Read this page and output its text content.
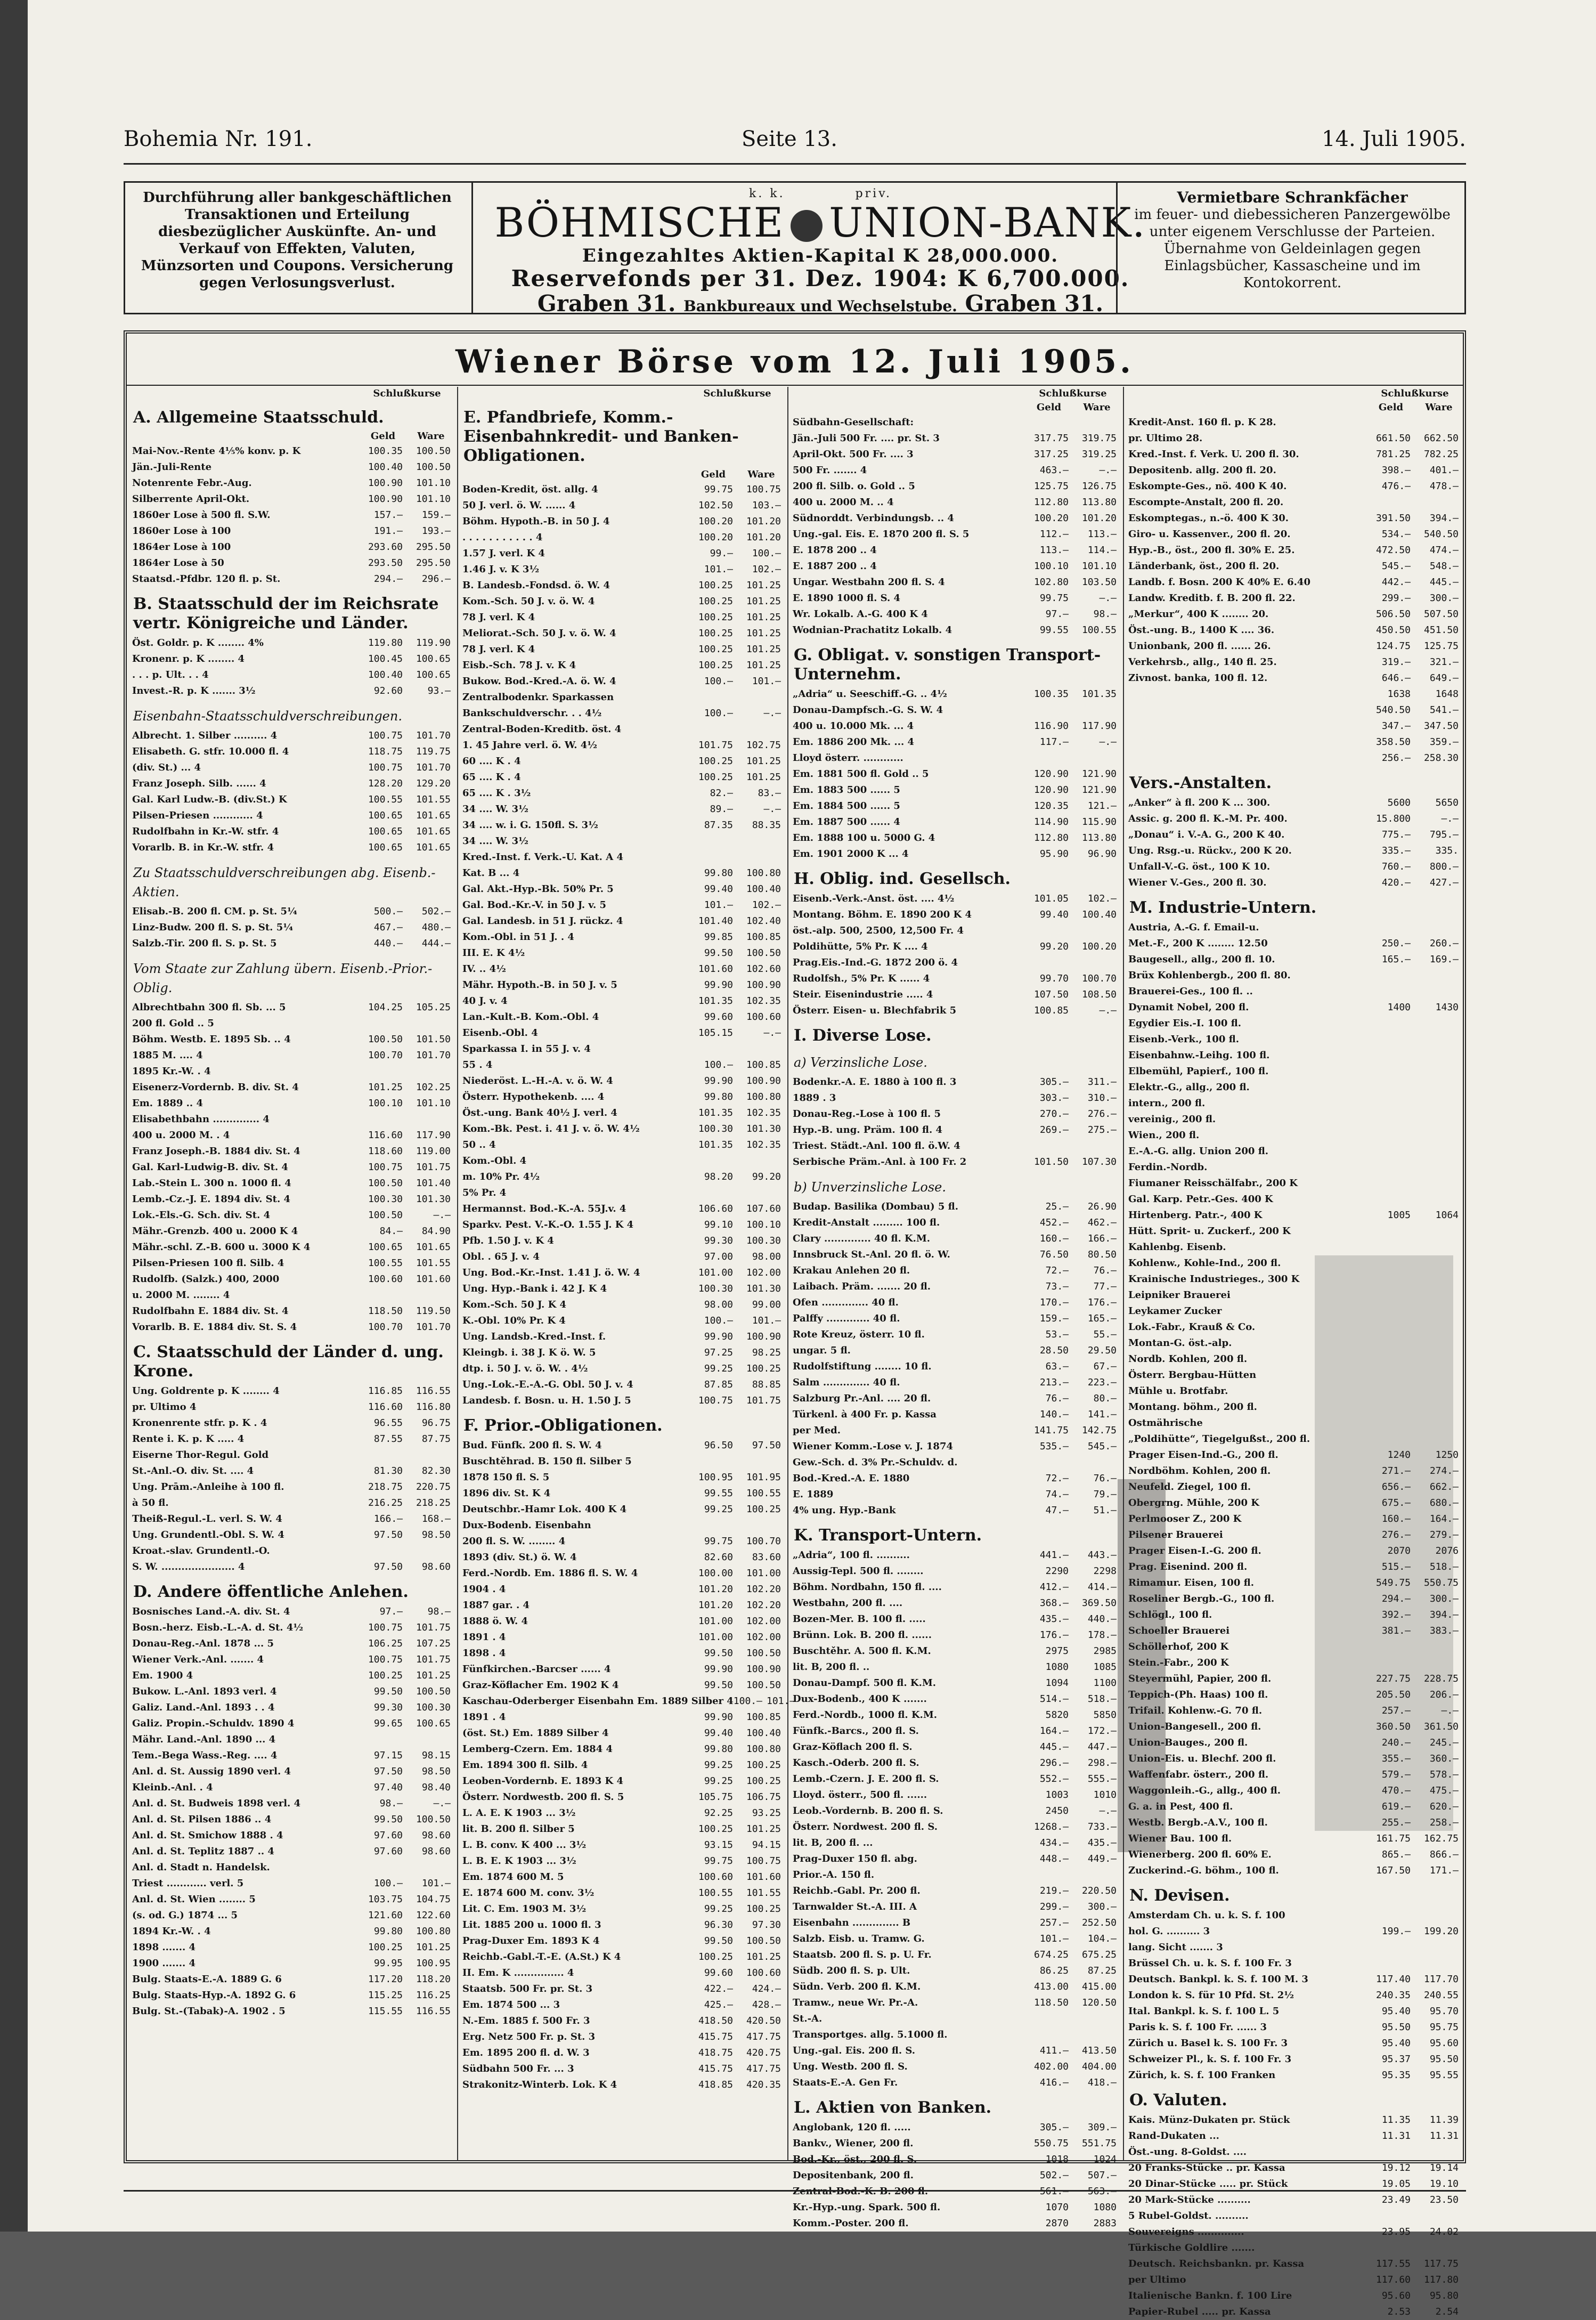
Bohemia Nr. 191.	Seite 13.	14. Juli 1905.
Durchführung aller bankgeschäftlichen Transaktionen und Erteilung diesbezüglicher Auskünfte. An- und Verkauf von Effekten, Valuten, Münzsorten und Coupons. Versicherung gegen Verlosungsverlust.
k. k.	priv.
BÖHMISCHE UNION-BANK.
Eingezahltes Aktien-Kapital K 28,000.000.
Reservefonds per 31. Dez. 1904: K 6,700.000.
Graben 31. Bankbureaux und Wechselstube. Graben 31.
Vermietbare Schrankfächer
im feuer- und diebessicheren Panzergewölbe unter eigenem Verschlusse der Parteien. Übernahme von Geldeinlagen gegen Einlagsbücher, Kassascheine und im Kontokorrent.
Wiener Börse vom 12. Juli 1905.
Schlußkurse
A. Allgemeine Staatsschuld.
Geld	Ware
Mai-Nov.-Rente 4⅕% konv. p. K	100.35	100.50
Jän.-Juli-Rente	100.40	100.50
Notenrente Febr.-Aug.	100.90	101.10
Silberrente April-Okt.	100.90	101.10
1860er Lose à 500 fl. S.W.	157.—	159.—
1860er Lose à 100	191.—	193.—
1864er Lose à 100	293.60	295.50
1864er Lose à 50	293.50	295.50
Staatsd.-Pfdbr. 120 fl. p. St.	294.—	296.—
B. Staatsschuld der im Reichsrate vertr. Königreiche und Länder.
Öst. Goldr. p. K ........ 4%	119.80	119.90
Kronenr. p. K ........ 4	100.45	100.65
. . . p. Ult. . . 4	100.40	100.65
Invest.-R. p. K ....... 3½	92.60	93.—
Eisenbahn-Staatsschuldverschreibungen.
Albrecht. 1. Silber .......... 4	100.75	101.70
Elisabeth. G. stfr. 10.000 fl. 4	118.75	119.75
(div. St.) ... 4	100.75	101.70
Franz Joseph. Silb. ...... 4	128.20	129.20
Gal. Karl Ludw.-B. (div.St.) K	100.55	101.55
Pilsen-Priesen ............ 4	100.65	101.65
Rudolfbahn in Kr.-W. stfr. 4	100.65	101.65
Vorarlb. B. in Kr.-W. stfr. 4	100.65	101.65
Zu Staatsschuldverschreibungen abg. Eisenb.-Aktien.
Elisab.-B. 200 fl. CM. p. St. 5¼	500.—	502.—
Linz-Budw. 200 fl. S. p. St. 5¼	467.—	480.—
Salzb.-Tir. 200 fl. S. p. St. 5	440.—	444.—
Vom Staate zur Zahlung übern. Eisenb.-Prior.-Oblig.
Albrechtbahn 300 fl. Sb. ... 5	104.25	105.25
200 fl. Gold .. 5
Böhm. Westb. E. 1895 Sb. .. 4	100.50	101.50
1885 M. .... 4	100.70	101.70
1895 Kr.-W. . 4
Eisenerz-Vordernb. B. div. St. 4	101.25	102.25
Em. 1889 .. 4	100.10	101.10
Elisabethbahn .............. 4
400 u. 2000 M. . 4	116.60	117.90
Franz Joseph.-B. 1884 div. St. 4	118.60	119.00
Gal. Karl-Ludwig-B. div. St. 4	100.75	101.75
Lab.-Stein L. 300 n. 1000 fl. 4	100.50	101.40
Lemb.-Cz.-J. E. 1894 div. St. 4	100.30	101.30
Lok.-Els.-G. Sch. div. St. 4	100.50	—.—
Mähr.-Grenzb. 400 u. 2000 K 4	84.—	84.90
Mähr.-schl. Z.-B. 600 u. 3000 K 4	100.65	101.65
Pilsen-Priesen 100 fl. Silb. 4	100.55	101.55
Rudolfb. (Salzk.) 400, 2000	100.60	101.60
u. 2000 M. ........ 4
Rudolfbahn E. 1884 div. St. 4	118.50	119.50
Vorarlb. B. E. 1884 div. St. S. 4	100.70	101.70
C. Staatsschuld der Länder d. ung. Krone.
Ung. Goldrente p. K ........ 4	116.85	116.55
pr. Ultimo 4	116.60	116.80
Kronenrente stfr. p. K . 4	96.55	96.75
Rente i. K. p. K ..... 4	87.55	87.75
Eiserne Thor-Regul. Gold
St.-Anl.-O. div. St. .... 4	81.30	82.30
Ung. Prām.-Anleihe à 100 fl.	218.75	220.75
à 50 fl.	216.25	218.25
Theiß-Regul.-L. verl. S. W. 4	166.—	168.—
Ung. Grundentl.-Obl. S. W. 4	97.50	98.50
Kroat.-slav. Grundentl.-O.
S. W. ...................... 4	97.50	98.60
D. Andere öffentliche Anlehen.
Bosnisches Land.-A. div. St. 4	97.—	98.—
Bosn.-herz. Eisb.-L.-A. d. St. 4½	100.75	101.75
Donau-Reg.-Anl. 1878 ... 5	106.25	107.25
Wiener Verk.-Anl. ....... 4	100.75	101.75
Em. 1900 4	100.25	101.25
Bukow. L.-Anl. 1893 verl. 4	99.50	100.50
Galiz. Land.-Anl. 1893 . . 4	99.30	100.30
Galiz. Propin.-Schuldv. 1890 4	99.65	100.65
Mähr. Land.-Anl. 1890 ... 4
Tem.-Bega Wass.-Reg. .... 4	97.15	98.15
Anl. d. St. Aussig 1890 verl. 4	97.50	98.50
Kleinb.-Anl. . 4	97.40	98.40
Anl. d. St. Budweis 1898 verl. 4	98.—	—.—
Anl. d. St. Pilsen 1886 .. 4	99.50	100.50
Anl. d. St. Smichow 1888 . 4	97.60	98.60
Anl. d. St. Teplitz 1887 .. 4	97.60	98.60
Anl. d. Stadt n. Handelsk.
Triest ............ verl. 5	100.—	101.—
Anl. d. St. Wien ........ 5	103.75	104.75
(s. od. G.) 1874 ... 5	121.60	122.60
1894 Kr.-W. . 4	99.80	100.80
1898 ....... 4	100.25	101.25
1900 ....... 4	99.95	100.95
Bulg. Staats-E.-A. 1889 G. 6	117.20	118.20
Bulg. Staats-Hyp.-A. 1892 G. 6	115.25	116.25
Bulg. St.-(Tabak)-A. 1902 . 5	115.55	116.55
Schlußkurse
E. Pfandbriefe, Komm.-Eisenbahnkredit- und Banken-Obligationen.
Geld	Ware
Boden-Kredit, öst. allg. 4	99.75	100.75
50 J. verl. ö. W. ...... 4	102.50	103.—
Böhm. Hypoth.-B. in 50 J. 4	100.20	101.20
. . . . . . . . . . . 4	100.20	101.20
1.57 J. verl. K 4	99.—	100.—
1.46 J. v. K 3½	101.—	102.—
B. Landesb.-Fondsd. ö. W. 4	100.25	101.25
Kom.-Sch. 50 J. v. ö. W. 4	100.25	101.25
78 J. verl. K 4	100.25	101.25
Meliorat.-Sch. 50 J. v. ö. W. 4	100.25	101.25
78 J. verl. K 4	100.25	101.25
Eisb.-Sch. 78 J. v. K 4	100.25	101.25
Bukow. Bod.-Kred.-A. ö. W. 4	100.—	101.—
Zentralbodenkr. Sparkassen
Bankschuldverschr. . . 4½	100.—	—.—
Zentral-Boden-Kreditb. öst. 4
1. 45 Jahre verl. ö. W. 4½	101.75	102.75
60 .... K . 4	100.25	101.25
65 .... K . 4	100.25	101.25
65 .... K . 3½	82.—	83.—
34 .... W. 3½	89.—	—.—
34 .... w. i. G. 150fl. S. 3½	87.35	88.35
34 .... W. 3½
Kred.-Inst. f. Verk.-U. Kat. A 4
Kat. B ... 4	99.80	100.80
Gal. Akt.-Hyp.-Bk. 50% Pr. 5	99.40	100.40
Gal. Bod.-Kr.-V. in 50 J. v. 5	101.—	102.—
Gal. Landesb. in 51 J. rückz. 4	101.40	102.40
Kom.-Obl. in 51 J. . 4	99.85	100.85
III. E. K 4½	99.50	100.50
IV. .. 4½	101.60	102.60
Mähr. Hypoth.-B. in 50 J. v. 5	99.90	100.90
40 J. v. 4	101.35	102.35
Lan.-Kult.-B. Kom.-Obl. 4	99.60	100.60
Eisenb.-Obl. 4	105.15	—.—
Sparkassa I. in 55 J. v. 4
55 . 4	100.—	100.85
Niederöst. L.-H.-A. v. ö. W. 4	99.90	100.90
Österr. Hypothekenb. .... 4	99.80	100.80
Öst.-ung. Bank 40½ J. verl. 4	101.35	102.35
Kom.-Bk. Pest. i. 41 J. v. ö. W. 4½	100.30	101.30
50 .. 4	101.35	102.35
Kom.-Obl. 4
m. 10% Pr. 4½	98.20	99.20
5% Pr. 4
Hermannst. Bod.-K.-A. 55J.v. 4	106.60	107.60
Sparkv. Pest. V.-K.-O. 1.55 J. K 4	99.10	100.10
Pfb. 1.50 J. v. K 4	99.30	100.30
Obl. . 65 J. v. 4	97.00	98.00
Ung. Bod.-Kr.-Inst. 1.41 J. ö. W. 4	101.00	102.00
Ung. Hyp.-Bank i. 42 J. K 4	100.30	101.30
Kom.-Sch. 50 J. K 4	98.00	99.00
K.-Obl. 10% Pr. K 4	100.—	101.—
Ung. Landsb.-Kred.-Inst. f.	99.90	100.90
Kleingb. i. 38 J. K ö. W. 5	97.25	98.25
dtp. i. 50 J. v. ö. W. . 4½	99.25	100.25
Ung.-Lok.-E.-A.-G. Obl. 50 J. v. 4	87.85	88.85
Landesb. f. Bosn. u. H. 1.50 J. 5	100.75	101.75
F. Prior.-Obligationen.
Bud. Fünfk. 200 fl. S. W. 4	96.50	97.50
Buschtěhrad. B. 150 fl. Silber 5
1878 150 fl. S. 5	100.95	101.95
1896 div. St. K 4	99.55	100.55
Deutschbr.-Hamr Lok. 400 K 4	99.25	100.25
Dux-Bodenb. Eisenbahn
200 fl. S. W. ........ 4	99.75	100.70
1893 (div. St.) ö. W. 4	82.60	83.60
Ferd.-Nordb. Em. 1886 fl. S. W. 4	100.00	101.00
1904 . 4	101.20	102.20
1887 gar. . 4	101.20	102.20
1888 ö. W. 4	101.00	102.00
1891 . 4	101.00	102.00
1898 . 4	99.50	100.50
Fünfkirchen.-Barcser ...... 4	99.90	100.90
Graz-Köflacher Em. 1902 K 4	99.50	100.50
Kaschau-Oderberger Eisenbahn Em. 1889 Silber 4 100.— 101.—
1891 . 4	99.90	100.85
(öst. St.) Em. 1889 Silber 4	99.40	100.40
Lemberg-Czern. Em. 1884 4	99.80	100.80
Em. 1894 300 fl. Silb. 4	99.25	100.25
Leoben-Vordernb. E. 1893 K 4	99.25	100.25
Österr. Nordwestb. 200 fl. S. 5	105.75	106.75
L. A. E. K 1903 ... 3½	92.25	93.25
lit. B. 200 fl. Silber 5	100.25	101.25
L. B. conv. K 400 ... 3½	93.15	94.15
L. B. E. K 1903 ... 3½	99.75	100.75
Em. 1874 600 M. 5	100.60	101.60
E. 1874 600 M. conv. 3½	100.55	101.55
Lit. C. Em. 1903 M. 3½	99.25	100.25
Lit. 1885 200 u. 1000 fl. 3	96.30	97.30
Prag-Duxer Em. 1893 K 4	99.50	100.50
Reichb.-Gabl.-T.-E. (A.St.) K 4	100.25	101.25
II. Em. K ............... 4	99.60	100.60
Staatsb. 500 Fr. pr. St. 3	422.—	424.—
Em. 1874 500 ... 3	425.—	428.—
N.-Em. 1885 f. 500 Fr. 3	418.50	420.50
Erg. Netz 500 Fr. p. St. 3	415.75	417.75
Em. 1895 200 fl. d. W. 3	418.75	420.75
Südbahn 500 Fr. ... 3	415.75	417.75
Strakonitz-Winterb. Lok. K 4	418.85	420.35
Schlußkurse
Geld	Ware
Südbahn-Gesellschaft:
Jän.-Juli 500 Fr. .... pr. St. 3	317.75	319.75
April-Okt. 500 Fr. .... 3	317.25	319.25
500 Fr. ....... 4	463.—	—.—
200 fl. Silb. o. Gold .. 5	125.75	126.75
400 u. 2000 M. .. 4	112.80	113.80
Südnorddt. Verbindungsb. .. 4	100.20	101.20
Ung.-gal. Eis. E. 1870 200 fl. S. 5	112.—	113.—
E. 1878 200 .. 4	113.—	114.—
E. 1887 200 .. 4	100.10	101.10
Ungar. Westbahn 200 fl. S. 4	102.80	103.50
E. 1890 1000 fl. S. 4	99.75	—.—
Wr. Lokalb. A.-G. 400 K 4	97.—	98.—
Wodnian-Prachatitz Lokalb. 4	99.55	100.55
G. Obligat. v. sonstigen Transport-Unternehm.
„Adria“ u. Seeschiff.-G. .. 4½	100.35	101.35
Donau-Dampfsch.-G. S. W. 4
400 u. 10.000 Mk. ... 4	116.90	117.90
Em. 1886 200 Mk. ... 4	117.—	—.—
Lloyd österr. ............
Em. 1881 500 fl. Gold .. 5	120.90	121.90
Em. 1883 500 ...... 5	120.90	121.90
Em. 1884 500 ...... 5	120.35	121.—
Em. 1887 500 ...... 4	114.90	115.90
Em. 1888 100 u. 5000 G. 4	112.80	113.80
Em. 1901 2000 K ... 4	95.90	96.90
H. Oblig. ind. Gesellsch.
Eisenb.-Verk.-Anst. öst. .... 4½	101.05	102.—
Montang. Böhm. E. 1890 200 K 4	99.40	100.40
öst.-alp. 500, 2500, 12,500 Fr. 4
Poldihütte, 5% Pr. K .... 4	99.20	100.20
Prag.Eis.-Ind.-G. 1872 200 ö. 4
Rudolfsh., 5% Pr. K ...... 4	99.70	100.70
Steir. Eisenindustrie ..... 4	107.50	108.50
Österr. Eisen- u. Blechfabrik 5	100.85	—.—
I. Diverse Lose.
a) Verzinsliche Lose.
Bodenkr.-A. E. 1880 à 100 fl. 3	305.—	311.—
1889 . 3	303.—	310.—
Donau-Reg.-Lose à 100 fl. 5	270.—	276.—
Hyp.-B. ung. Präm. 100 fl. 4	269.—	275.—
Triest. Städt.-Anl. 100 fl. ö.W. 4
Serbische Präm.-Anl. à 100 Fr. 2	101.50	107.30
b) Unverzinsliche Lose.
Budap. Basilika (Dombau) 5 fl.	25.—	26.90
Kredit-Anstalt ......... 100 fl.	452.—	462.—
Clary .............. 40 fl. K.M.	160.—	166.—
Innsbruck St.-Anl. 20 fl. ö. W.	76.50	80.50
Krakau Anlehen 20 fl.	72.—	76.—
Laibach. Präm. ....... 20 fl.	73.—	77.—
Ofen .............. 40 fl.	170.—	176.—
Palffy ............. 40 fl.	159.—	165.—
Rote Kreuz, österr. 10 fl.	53.—	55.—
ungar. 5 fl.	28.50	29.50
Rudolfstiftung ........ 10 fl.	63.—	67.—
Salm .............. 40 fl.	213.—	223.—
Salzburg Pr.-Anl. .... 20 fl.	76.—	80.—
Türkenl. à 400 Fr. p. Kassa	140.—	141.—
per Med.	141.75	142.75
Wiener Komm.-Lose v. J. 1874	535.—	545.—
Gew.-Sch. d. 3% Pr.-Schuldv. d.
Bod.-Kred.-A. E. 1880	72.—	76.—
E. 1889	74.—	79.—
4% ung. Hyp.-Bank	47.—	51.—
K. Transport-Untern.
„Adria“, 100 fl. ..........	441.—	443.—
Aussig-Tepl. 500 fl. ........	2290	2298
Böhm. Nordbahn, 150 fl. ....	412.—	414.—
Westbahn, 200 fl. ....	368.—	369.50
Bozen-Mer. B. 100 fl. .....	435.—	440.—
Brünn. Lok. B. 200 fl. ......	176.—	178.—
Buschtěhr. A. 500 fl. K.M.	2975	2985
lit. B, 200 fl. ..	1080	1085
Donau-Dampf. 500 fl. K.M.	1094	1100
Dux-Bodenb., 400 K .......	514.—	518.—
Ferd.-Nordb., 1000 fl. K.M.	5820	5850
Fünfk.-Barcs., 200 fl. S.	164.—	172.—
Graz-Köflach 200 fl. S.	445.—	447.—
Kasch.-Oderb. 200 fl. S.	296.—	298.—
Lemb.-Czern. J. E. 200 fl. S.	552.—	555.—
Lloyd. österr., 500 fl. ......	1003	1010
Leob.-Vordernb. B. 200 fl. S.	2450	—.—
Österr. Nordwest. 200 fl. S.	1268.—	733.—
lit. B, 200 fl. ...	434.—	435.—
Prag-Duxer 150 fl. abg.	448.—	449.—
Prior.-A. 150 fl.
Reichb.-Gabl. Pr. 200 fl.	219.—	220.50
Tarnwalder St.-A. III. A	299.—	300.—
Eisenbahn .............. B	257.—	252.50
Salzb. Eisb. u. Tramw. G.	101.—	104.—
Staatsb. 200 fl. S. p. U. Fr.	674.25	675.25
Südb. 200 fl. S. p. Ult.	86.25	87.25
Südn. Verb. 200 fl. K.M.	413.00	415.00
Tramw., neue Wr. Pr.-A.	118.50	120.50
St.-A.
Transportges. allg. 5.1000 fl.
Ung.-gal. Eis. 200 fl. S.	411.—	413.50
Ung. Westb. 200 fl. S.	402.00	404.00
Staats-E.-A. Gen Fr.	416.—	418.—
L. Aktien von Banken.
Anglobank, 120 fl. .....	305.—	309.—
Bankv., Wiener, 200 fl.	550.75	551.75
Bod.-Kr., öst., 200 fl. S.	1018	1024
Depositenbank, 200 fl.	502.—	507.—
Zentral-Bod.-K. B. 200 fl.	561.—	563.—
Kr.-Hyp.-ung. Spark. 500 fl.	1070	1080
Komm.-Poster. 200 fl.	2870	2883
Schlußkurse
Geld	Ware
Kredit-Anst. 160 fl. p. K 28.
pr. Ultimo 28.	661.50	662.50
Kred.-Inst. f. Verk. U. 200 fl. 30.	781.25	782.25
Depositenb. allg. 200 fl. 20.	398.—	401.—
Eskompte-Ges., nö. 400 K 40.	476.—	478.—
Escompte-Anstalt, 200 fl. 20.
Eskomptegas., n.-ö. 400 K 30.	391.50	394.—
Giro- u. Kassenver., 200 fl. 20.	534.—	540.50
Hyp.-B., öst., 200 fl. 30% E. 25.	472.50	474.—
Länderbank, öst., 200 fl. 20.	545.—	548.—
Landb. f. Bosn. 200 K 40% E. 6.40	442.—	445.—
Landw. Kreditb. f. B. 200 fl. 22.	299.—	300.—
„Merkur“, 400 K ........ 20.	506.50	507.50
Öst.-ung. B., 1400 K .... 36.	450.50	451.50
Unionbank, 200 fl. ...... 26.	124.75	125.75
Verkehrsb., allg., 140 fl. 25.	319.—	321.—
Zivnost. banka, 100 fl. 12.	646.—	649.—
1638	1648
540.50	541.—
347.—	347.50
358.50	359.—
256.—	258.30
Vers.-Anstalten.
„Anker“ à fl. 200 K ... 300.	5600	5650
Assic. g. 200 fl. K.-M. Pr. 400.	15.800	—.—
„Donau“ i. V.-A. G., 200 K 40.	775.—	795.—
Ung. Rsg.-u. Rückv., 200 K 20.	335.—	335.
Unfall-V.-G. öst., 100 K 10.	760.—	800.—
Wiener V.-Ges., 200 fl. 30.	420.—	427.—
M. Industrie-Untern.
Austria, A.-G. f. Email-u.
Met.-F., 200 K ........ 12.50	250.—	260.—
Baugesell., allg., 200 fl. 10.	165.—	169.—
Brüx Kohlenbergb., 200 fl. 80.
Brauerei-Ges., 100 fl. ..
Dynamit Nobel, 200 fl.	1400	1430
Egydier Eis.-I. 100 fl.
Eisenb.-Verk., 100 fl.
Eisenbahnw.-Leihg. 100 fl.
Elbemühl, Papierf., 100 fl.
Elektr.-G., allg., 200 fl.
intern., 200 fl.
vereinig., 200 fl.
Wien., 200 fl.
E.-A.-G. allg. Union 200 fl.
Ferdin.-Nordb.
Fiumaner Reisschälfabr., 200 K
Gal. Karp. Petr.-Ges. 400 K
Hirtenberg. Patr.-, 400 K	1005	1064
Hütt. Sprit- u. Zuckerf., 200 K
Kahlenbg. Eisenb.
Kohlenw., Kohle-Ind., 200 fl.
Krainische Industrieges., 300 K
Leipniker Brauerei
Leykamer Zucker
Lok.-Fabr., Krauß & Co.
Montan-G. öst.-alp.
Nordb. Kohlen, 200 fl.
Österr. Bergbau-Hütten
Mühle u. Brotfabr.
Montang. böhm., 200 fl.
Ostmährische
„Poldihütte“, Tiegelgußst., 200 fl.
Prager Eisen-Ind.-G., 200 fl.	1240	1250
Nordböhm. Kohlen, 200 fl.	271.—	274.—
Neufeld. Ziegel, 100 fl.	656.—	662.—
Obergrng. Mühle, 200 K	675.—	680.—
Perlmooser Z., 200 K	160.—	164.—
Pilsener Brauerei	276.—	279.—
Prager Eisen-I.-G. 200 fl.	2070	2076
Prag. Eisenind. 200 fl.	515.—	518.—
Rimamur. Eisen, 100 fl.	549.75	550.75
Roseliner Bergb.-G., 100 fl.	294.—	300.—
Schlögl., 100 fl.	392.—	394.—
Schoeller Brauerei	381.—	383.—
Schöllerhof, 200 K
Stein.-Fabr., 200 K
Steyermühl, Papier, 200 fl.	227.75	228.75
Teppich-(Ph. Haas) 100 fl.	205.50	206.—
Trifail. Kohlenw.-G. 70 fl.	257.—	—.—
Union-Bangesell., 200 fl.	360.50	361.50
Union-Bauges., 200 fl.	240.—	245.—
Union-Eis. u. Blechf. 200 fl.	355.—	360.—
Waffenfabr. österr., 200 fl.	579.—	578.—
Waggonleih.-G., allg., 400 fl.	470.—	475.—
G. a. in Pest, 400 fl.	619.—	620.—
Westb. Bergb.-A.V., 100 fl.	255.—	258.—
Wiener Bau. 100 fl.	161.75	162.75
Wienerberg. 200 fl. 60% E.	865.—	866.—
Zuckerind.-G. böhm., 100 fl.	167.50	171.—
N. Devisen.
Amsterdam Ch. u. k. S. f. 100
hol. G. .......... 3	199.—	199.20
lang. Sicht ....... 3
Brüssel Ch. u. k. S. f. 100 Fr. 3
Deutsch. Bankpl. k. S. f. 100 M. 3	117.40	117.70
London k. S. für 10 Pfd. St. 2½	240.35	240.55
Ital. Bankpl. k. S. f. 100 L. 5	95.40	95.70
Paris k. S. f. 100 Fr. ...... 3	95.50	95.75
Zürich u. Basel k. S. 100 Fr. 3	95.40	95.60
Schweizer Pl., k. S. f. 100 Fr. 3	95.37	95.50
Zürich, k. S. f. 100 Franken	95.35	95.55
O. Valuten.
Kais. Münz-Dukaten pr. Stück	11.35	11.39
Rand-Dukaten ...	11.31	11.31
Öst.-ung. 8-Goldst. ....
20 Franks-Stücke .. pr. Kassa	19.12	19.14
20 Dinar-Stücke ..... pr. Stück	19.05	19.10
20 Mark-Stücke ..........	23.49	23.50
5 Rubel-Goldst. ..........
Souvereigns ..............	23.95	24.02
Türkische Goldlire .......
Deutsch. Reichsbankn. pr. Kassa	117.55	117.75
per Ultimo	117.60	117.80
Italienische Bankn. f. 100 Lire	95.60	95.80
Papier-Rubel ..... pr. Kassa	2.53	2.54
